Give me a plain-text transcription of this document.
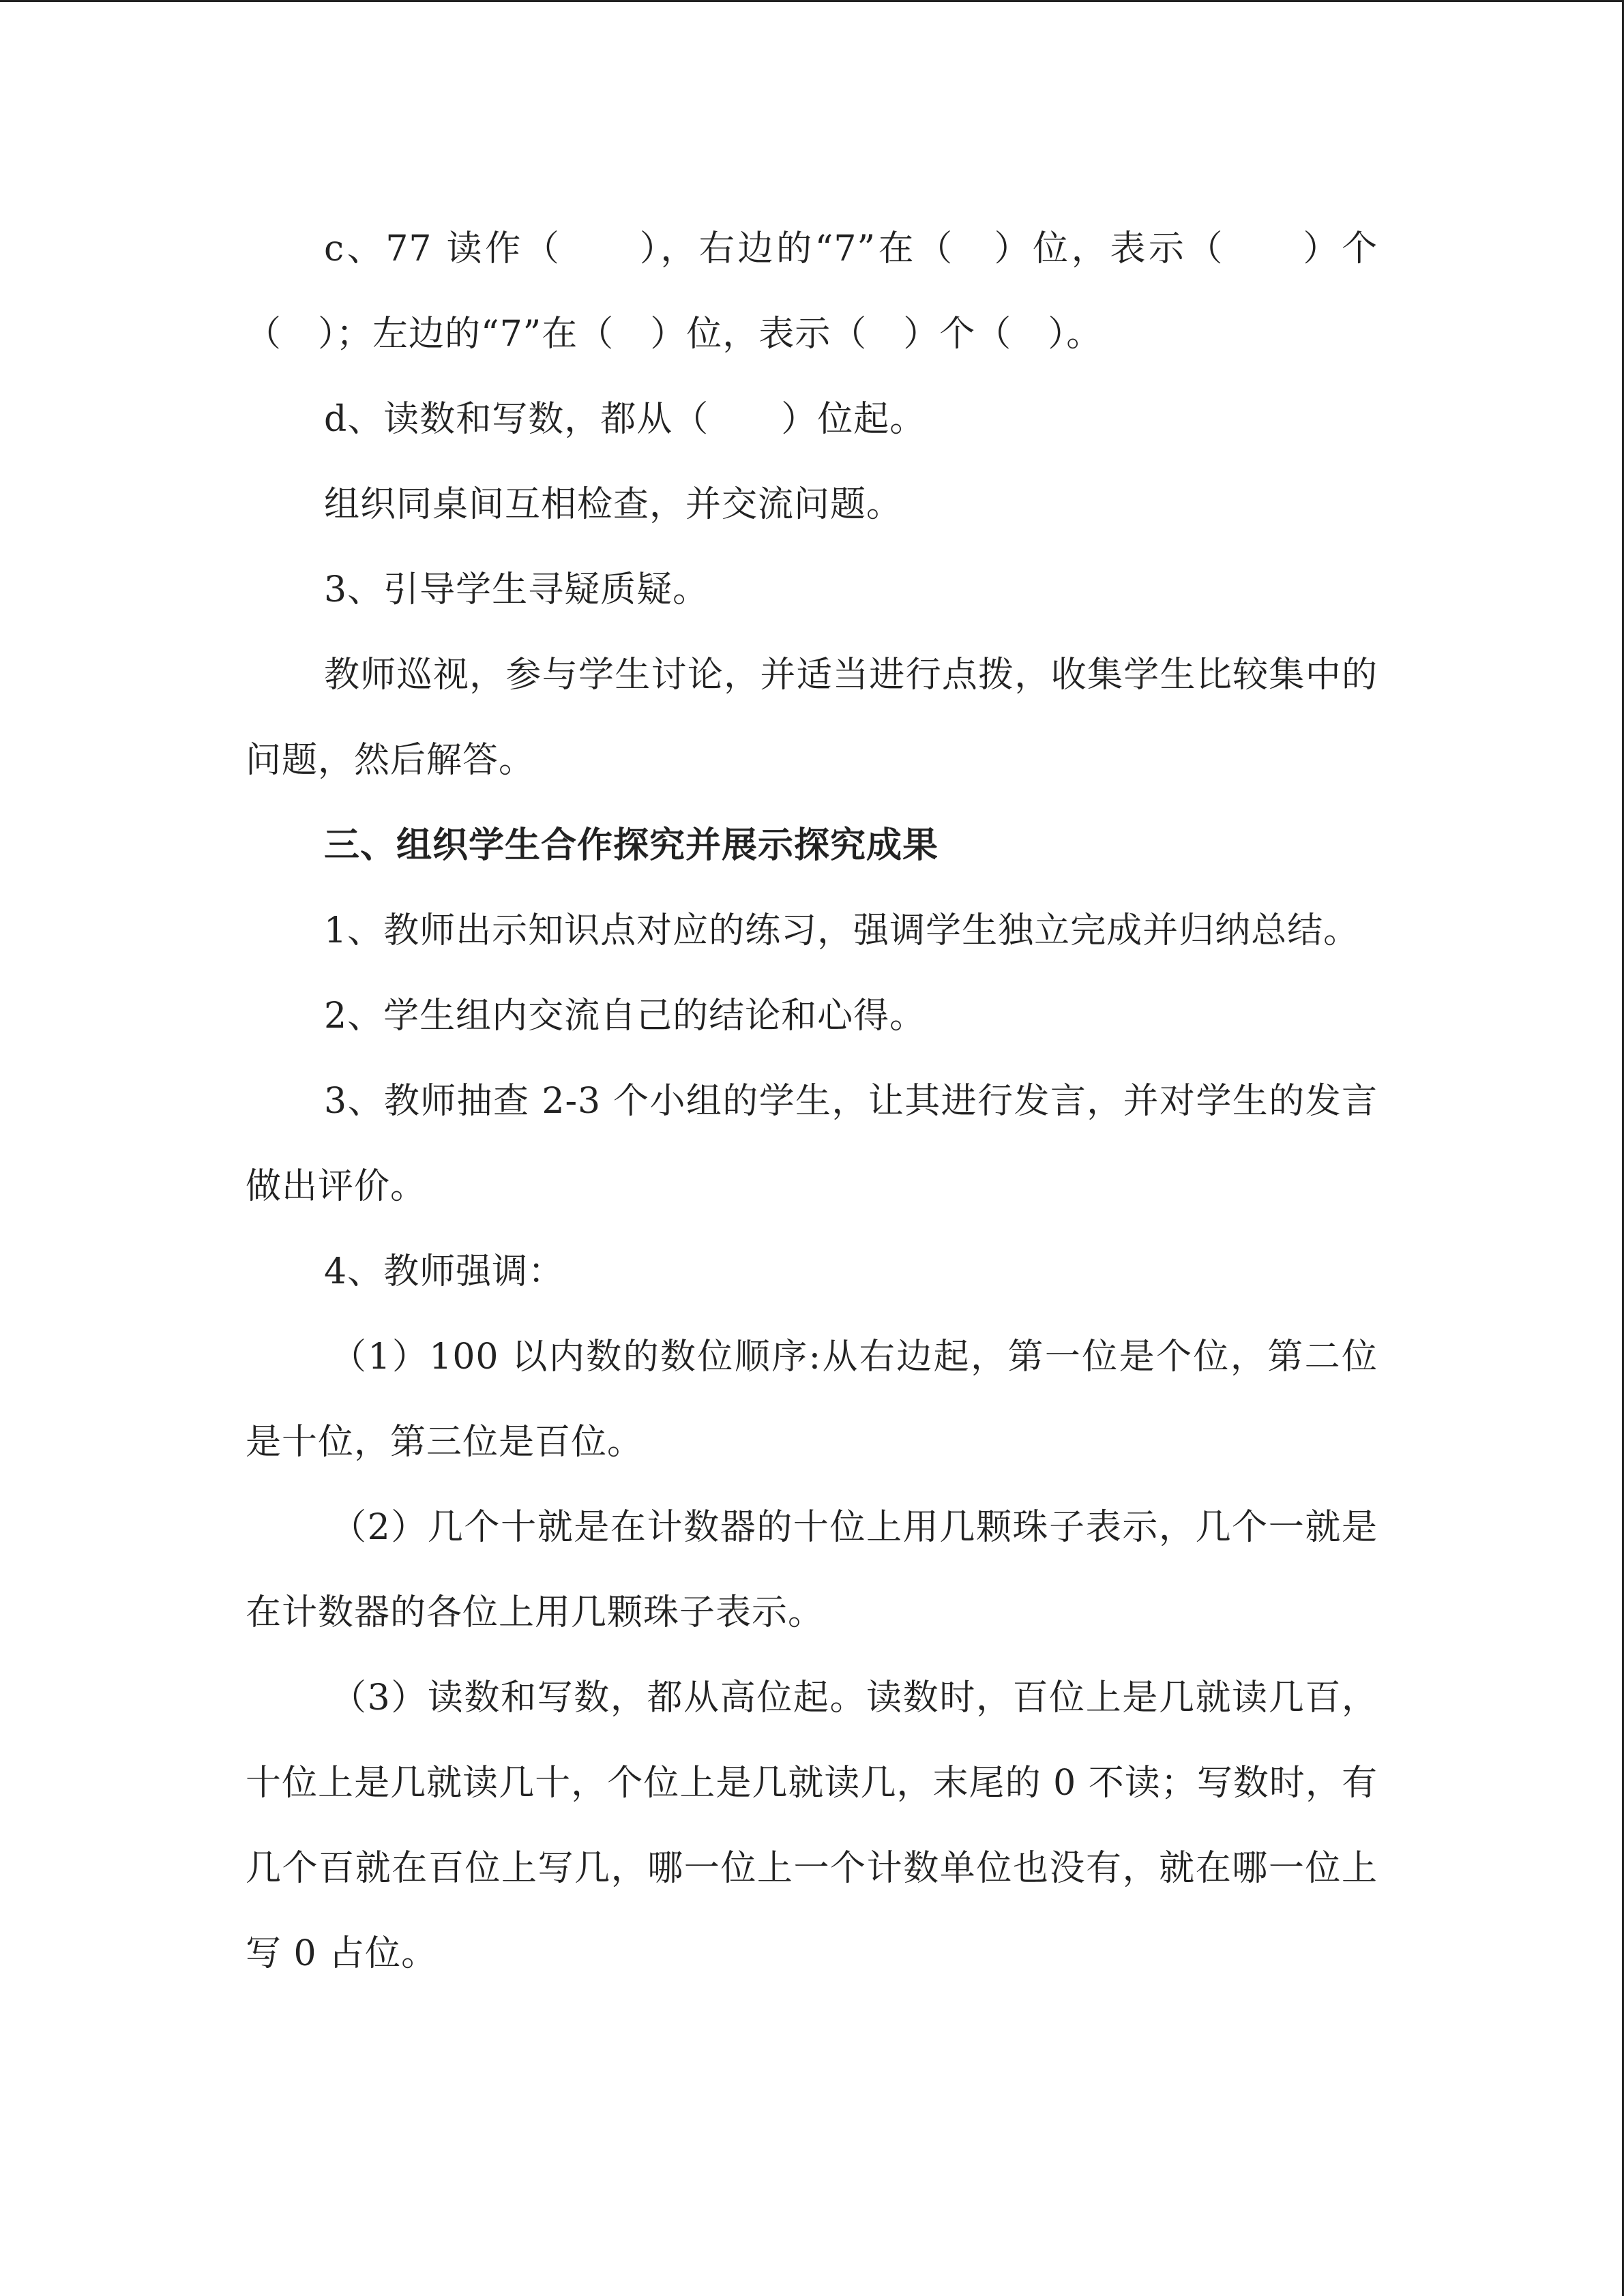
c、77 读作（　　），右边的“7”在（　）位，表示（　　）个（　）；左边的“7”在（　）位，表示（　）个（　）。

d、读数和写数，都从（　　）位起。

组织同桌间互相检查，并交流问题。

3、引导学生寻疑质疑。

教师巡视，参与学生讨论，并适当进行点拨，收集学生比较集中的问题，然后解答。

三、组织学生合作探究并展示探究成果

1、教师出示知识点对应的练习，强调学生独立完成并归纳总结。

2、学生组内交流自己的结论和心得。

3、教师抽查 2-3 个小组的学生，让其进行发言，并对学生的发言做出评价。

4、教师强调：

（1）100 以内数的数位顺序:从右边起，第一位是个位，第二位是十位，第三位是百位。

（2）几个十就是在计数器的十位上用几颗珠子表示，几个一就是在计数器的各位上用几颗珠子表示。

（3）读数和写数，都从高位起。读数时，百位上是几就读几百，十位上是几就读几十，个位上是几就读几，末尾的 0 不读；写数时，有几个百就在百位上写几，哪一位上一个计数单位也没有，就在哪一位上写 0 占位。
